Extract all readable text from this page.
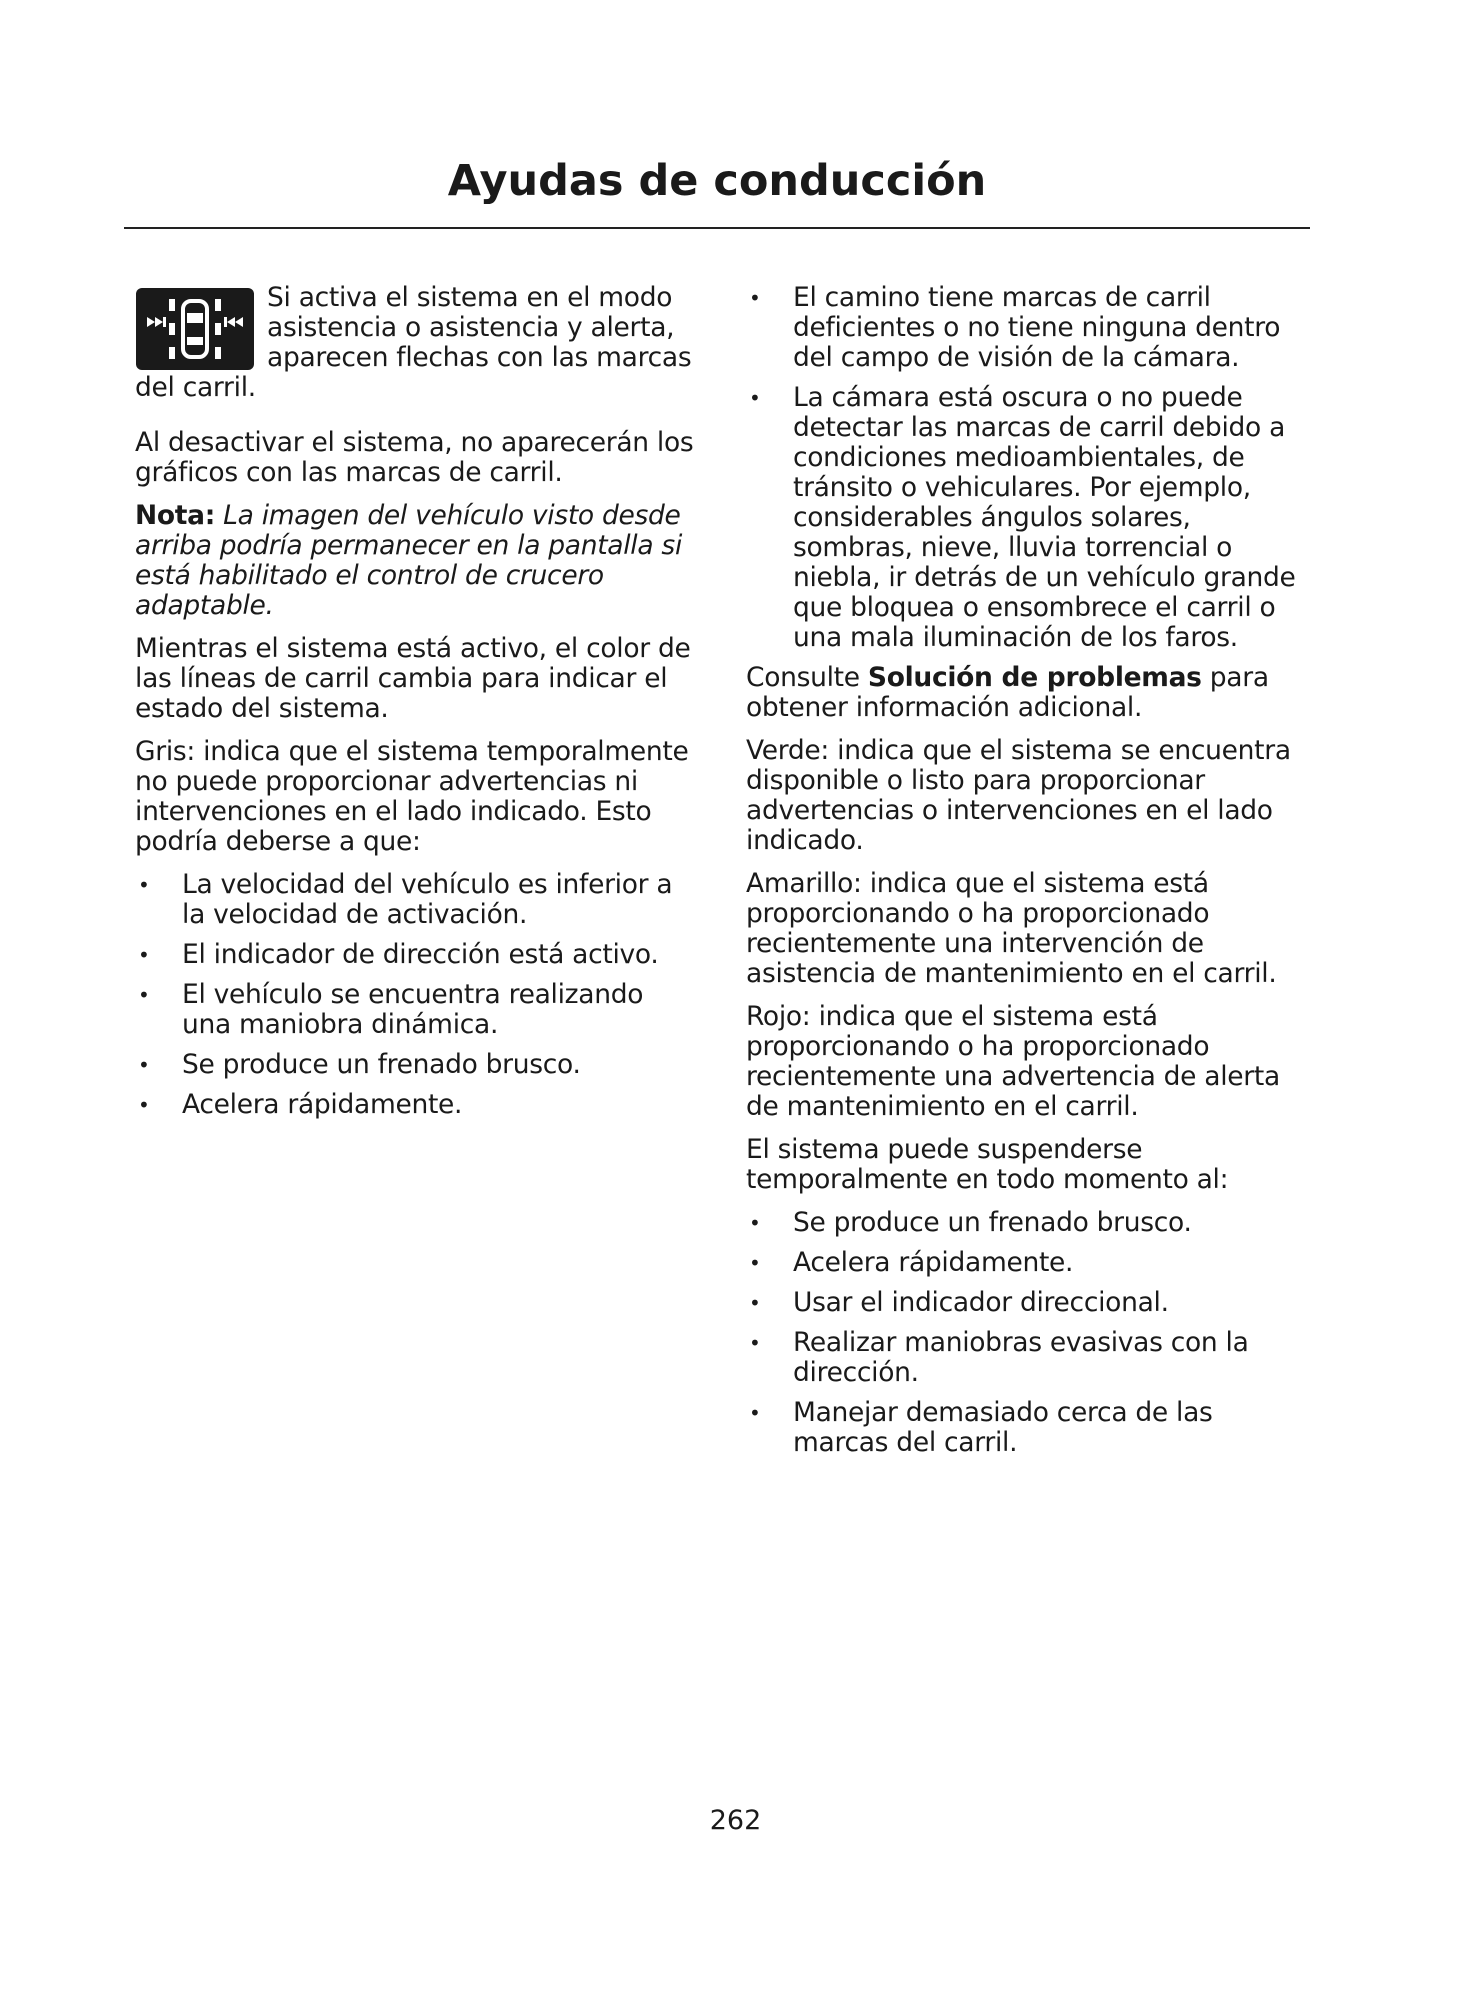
Ayudas de conducción

Si activa el sistema en el modo asistencia o asistencia y alerta, aparecen flechas con las marcas del carril.

Al desactivar el sistema, no aparecerán los gráficos con las marcas de carril.

Nota: La imagen del vehículo visto desde arriba podría permanecer en la pantalla si está habilitado el control de crucero adaptable.

Mientras el sistema está activo, el color de las líneas de carril cambia para indicar el estado del sistema.

Gris: indica que el sistema temporalmente no puede proporcionar advertencias ni intervenciones en el lado indicado. Esto podría deberse a que:

• La velocidad del vehículo es inferior a la velocidad de activación.
• El indicador de dirección está activo.
• El vehículo se encuentra realizando una maniobra dinámica.
• Se produce un frenado brusco.
• Acelera rápidamente.
• El camino tiene marcas de carril deficientes o no tiene ninguna dentro del campo de visión de la cámara.
• La cámara está oscura o no puede detectar las marcas de carril debido a condiciones medioambientales, de tránsito o vehiculares. Por ejemplo, considerables ángulos solares, sombras, nieve, lluvia torrencial o niebla, ir detrás de un vehículo grande que bloquea o ensombrece el carril o una mala iluminación de los faros.

Consulte Solución de problemas para obtener información adicional.

Verde: indica que el sistema se encuentra disponible o listo para proporcionar advertencias o intervenciones en el lado indicado.

Amarillo: indica que el sistema está proporcionando o ha proporcionado recientemente una intervención de asistencia de mantenimiento en el carril.

Rojo: indica que el sistema está proporcionando o ha proporcionado recientemente una advertencia de alerta de mantenimiento en el carril.

El sistema puede suspenderse temporalmente en todo momento al:

• Se produce un frenado brusco.
• Acelera rápidamente.
• Usar el indicador direccional.
• Realizar maniobras evasivas con la dirección.
• Manejar demasiado cerca de las marcas del carril.
262
